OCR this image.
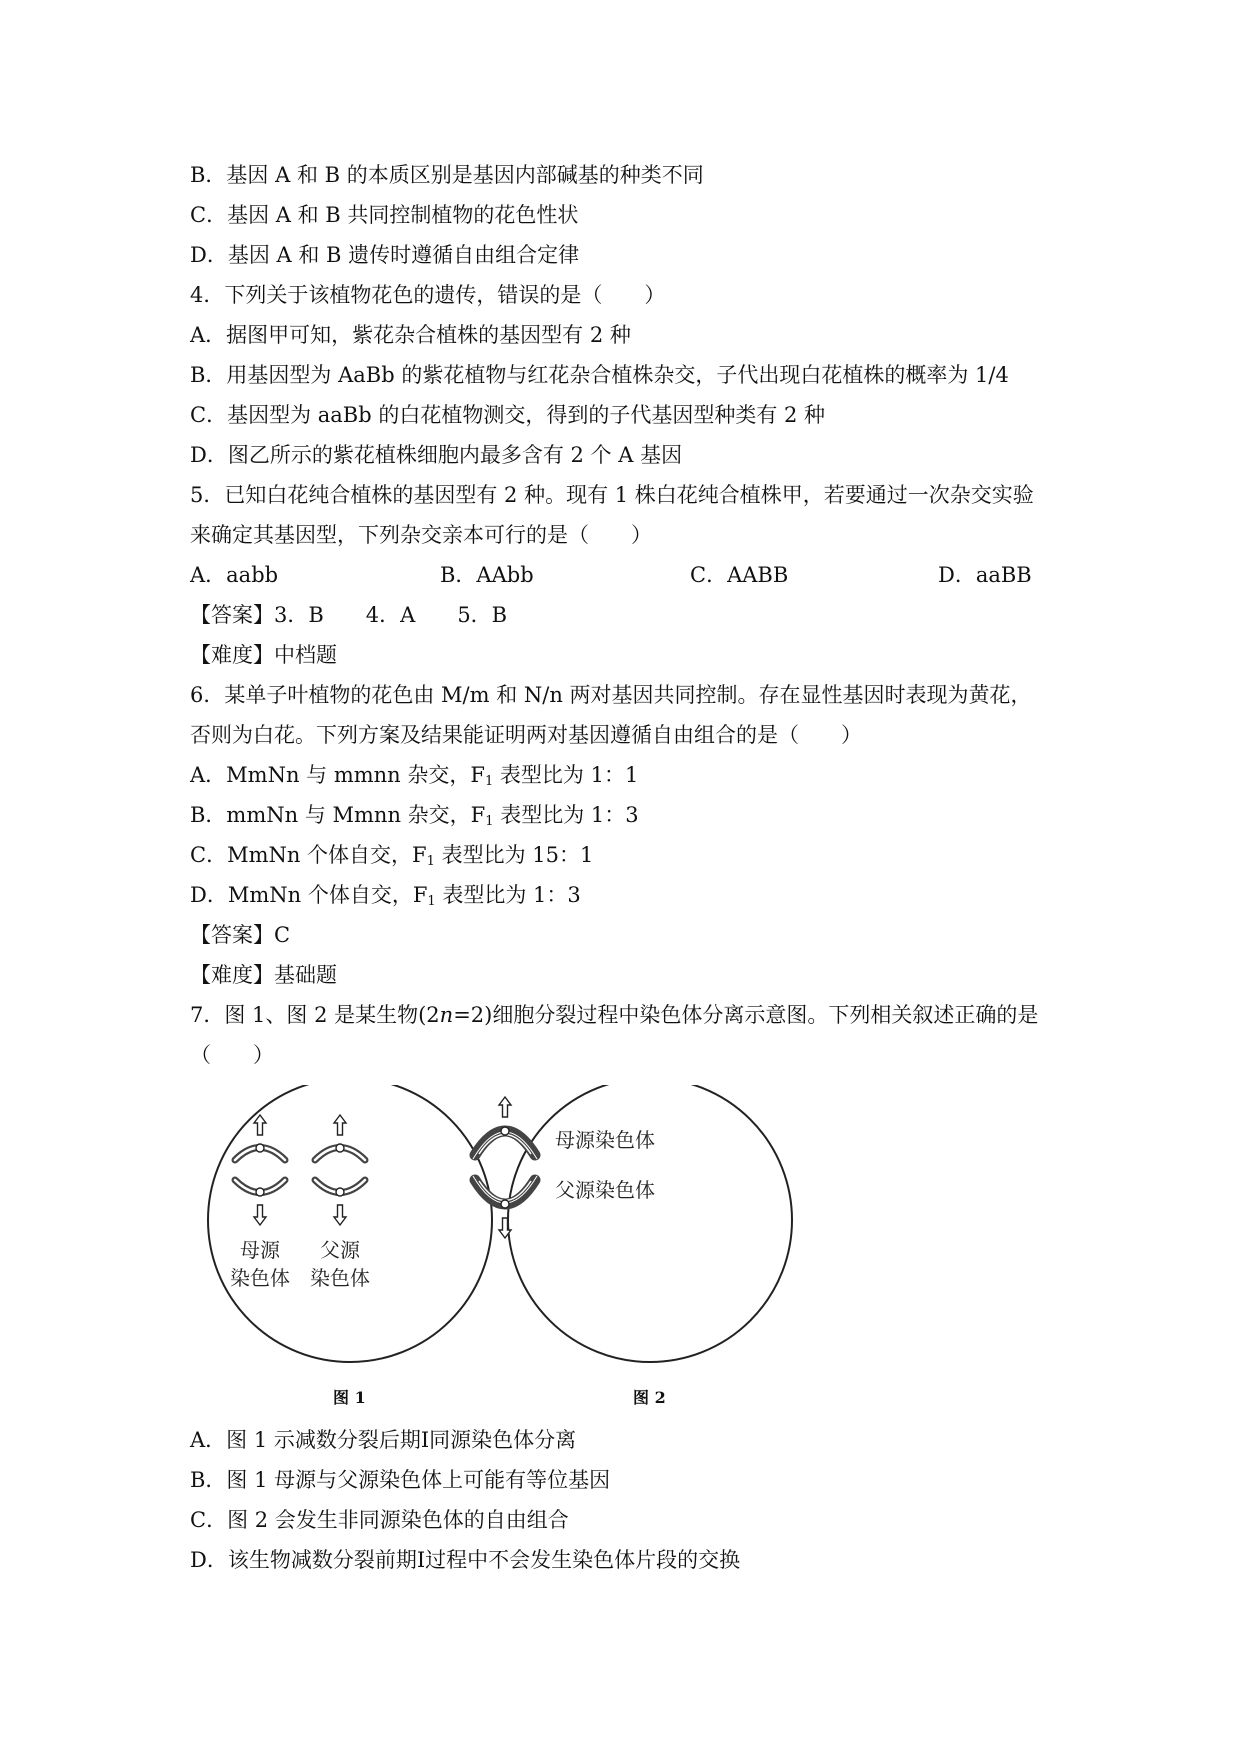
B．基因 A 和 B 的本质区别是基因内部碱基的种类不同
C．基因 A 和 B 共同控制植物的花色性状
D．基因 A 和 B 遗传时遵循自由组合定律
4．下列关于该植物花色的遗传，错误的是（　　）
A．据图甲可知，紫花杂合植株的基因型有 2 种
B．用基因型为 AaBb 的紫花植物与红花杂合植株杂交，子代出现白花植株的概率为 1/4
C．基因型为 aaBb 的白花植物测交，得到的子代基因型种类有 2 种
D．图乙所示的紫花植株细胞内最多含有 2 个 A 基因
5．已知白花纯合植株的基因型有 2 种。现有 1 株白花纯合植株甲，若要通过一次杂交实验
来确定其基因型，下列杂交亲本可行的是（　　）
A．aabb	B．AAbb	C．AABB	D．aaBB
【答案】3．B　　4．A　　5．B
【难度】中档题
6．某单子叶植物的花色由 M/m 和 N/n 两对基因共同控制。存在显性基因时表现为黄花，
否则为白花。下列方案及结果能证明两对基因遵循自由组合的是（　　）
A．MmNn 与 mmnn 杂交，$F_1$ 表型比为 1：1
B．mmNn 与 Mmnn 杂交，$F_1$ 表型比为 1：3
C．MmNn 个体自交，$F_1$ 表型比为 15：1
D．MmNn 个体自交，$F_1$ 表型比为 1：3
【答案】C
【难度】基础题
7．图 1、图 2 是某生物(2n=2)细胞分裂过程中染色体分离示意图。下列相关叙述正确的是
（　　）
母源
染色体
父源
染色体
母源染色体
父源染色体
图 1	图 2
A．图 1 示减数分裂后期Ⅰ同源染色体分离
B．图 1 母源与父源染色体上可能有等位基因
C．图 2 会发生非同源染色体的自由组合
D．该生物减数分裂前期Ⅰ过程中不会发生染色体片段的交换
